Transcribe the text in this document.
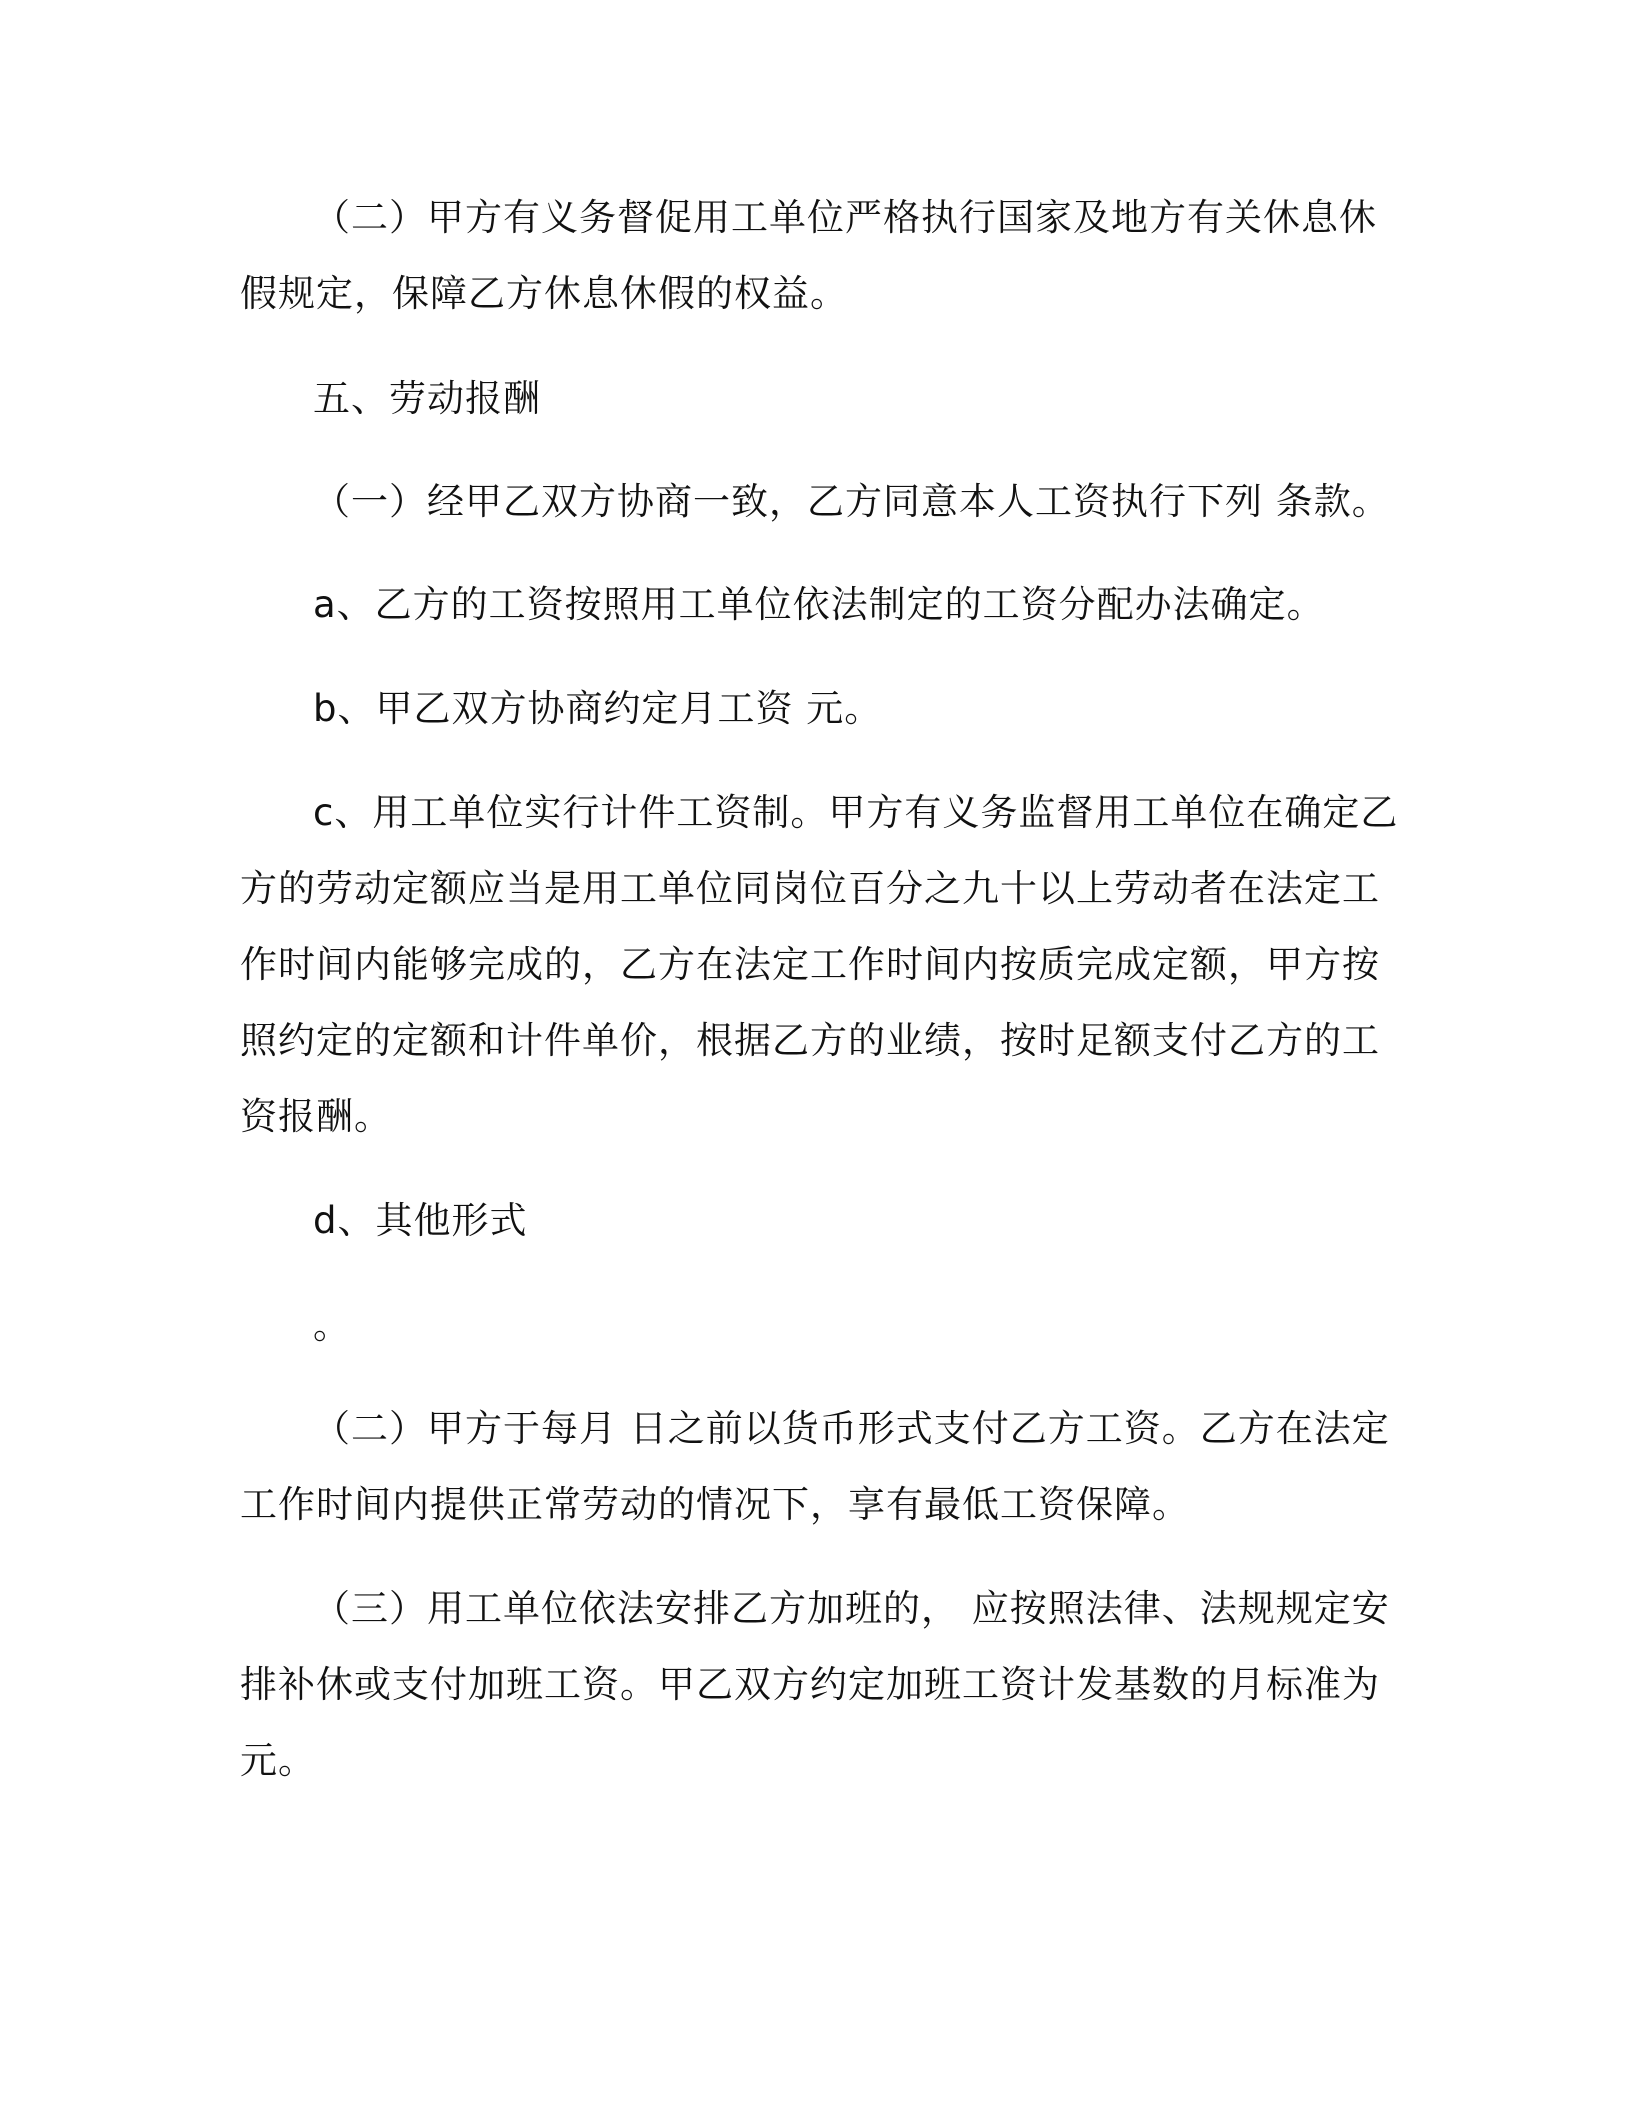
（二）甲方有义务督促用工单位严格执行国家及地方有关休息休
假规定，保障乙方休息休假的权益。
五、劳动报酬
（一）经甲乙双方协商一致，乙方同意本人工资执行下列 条款。
a、乙方的工资按照用工单位依法制定的工资分配办法确定。
b、甲乙双方协商约定月工资 元。
c、用工单位实行计件工资制。甲方有义务监督用工单位在确定乙
方的劳动定额应当是用工单位同岗位百分之九十以上劳动者在法定工
作时间内能够完成的，乙方在法定工作时间内按质完成定额，甲方按
照约定的定额和计件单价，根据乙方的业绩，按时足额支付乙方的工
资报酬。
d、其他形式
。
（二）甲方于每月 日之前以货币形式支付乙方工资。乙方在法定
工作时间内提供正常劳动的情况下，享有最低工资保障。
（三）用工单位依法安排乙方加班的， 应按照法律、法规规定安
排补休或支付加班工资。甲乙双方约定加班工资计发基数的月标准为
元。
